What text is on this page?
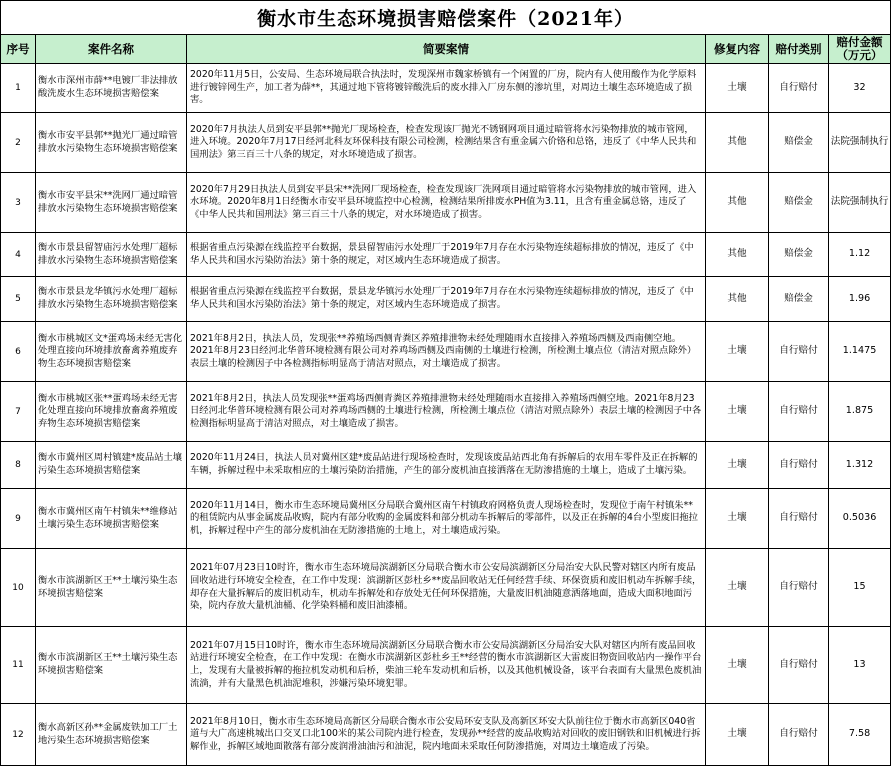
衡水市生态环境损害赔偿案件（2021年）					
序号	案件名称	简要案情	修复内容	赔付类别	赔付金额（万元）
1	衡水市深州市薛**电镀厂非法排放酸洗废水生态环境损害赔偿案	2020年11月5日，公安局、生态环境局联合执法时，发现深州市魏家桥镇有一个闲置的厂房，院内有人使用酸作为化学原料进行镀锌网生产，加工者为薛**，其通过地下管将镀锌酸洗后的废水排入厂房东侧的渗坑里，对周边土壤生态环境造成了损害。	土壤	自行赔付	32
2	衡水市安平县郭**抛光厂通过暗管排放水污染物生态环境损害赔偿案	2020年7月执法人员到安平县郭**抛光厂现场检查，检查发现该厂抛光不锈钢网项目通过暗管将水污染物排放的城市管网，进入环境。2020年7月17日经河北科友环保科技有限公司检测，检测结果含有重金属六价铬和总铬，违反了《中华人民共和国刑法》第三百三十八条的规定，对水环境造成了损害。	其他	赔偿金	法院强制执行
3	衡水市安平县宋**洗网厂通过暗管排放水污染物生态环境损害赔偿案	2020年7月29日执法人员到安平县宋**洗网厂现场检查，检查发现该厂洗网项目通过暗管将水污染物排放的城市管网，进入水环境。2020年8月1日经衡水市安平县环境监控中心检测，检测结果所排废水PH值为3.11，且含有重金属总铬，违反了《中华人民共和国刑法》第三百三十八条的规定，对水环境造成了损害。	其他	赔偿金	法院强制执行
4	衡水市景县留智庙污水处理厂超标排放水污染物生态环境损害赔偿案	根据省重点污染源在线监控平台数据，景县留智庙污水处理厂于2019年7月存在水污染物连续超标排放的情况，违反了《中华人民共和国水污染防治法》第十条的规定，对区域内生态环境造成了损害。	其他	赔偿金	1.12
5	衡水市景县龙华镇污水处理厂超标排放水污染物生态环境损害赔偿案	根据省重点污染源在线监控平台数据，景县龙华镇污水处理厂于2019年7月存在水污染物连续超标排放的情况，违反了《中华人民共和国水污染防治法》第十条的规定，对区域内生态环境造成了损害。	其他	赔偿金	1.96
6	衡水市桃城区文*蛋鸡场未经无害化处理直接向环境排放畜禽养殖废弃物生态环境损害赔偿案	2021年8月2日，执法人员，发现张**养殖场西侧青粪区养殖排泄物未经处理随雨水直接排入养殖场西侧及西南侧空地。2021年8月23日经河北华普环境检测有限公司对养鸡场西侧及西南侧的土壤进行检测，所检测土壤点位（清洁对照点除外）表层土壤的检测因子中各检测指标明显高于清洁对照点，对土壤造成了损害。	土壤	自行赔付	1.1475
7	衡水市桃城区张**蛋鸡场未经无害化处理直接向环境排放畜禽养殖废弃物生态环境损害赔偿案	2021年8月2日，执法人员发现张**蛋鸡场西侧青粪区养殖排泄物未经处理随雨水直接排入养殖场西侧空地。2021年8月23日经河北华普环境检测有限公司对养鸡场西侧的土壤进行检测，所检测土壤点位（清洁对照点除外）表层土壤的检测因子中各检测指标明显高于清洁对照点，对土壤造成了损害。	土壤	自行赔付	1.875
8	衡水市冀州区周村镇建*废品站土壤污染生态环境损害赔偿案	2020年11月24日，执法人员对冀州区建*废品站进行现场检查时，发现该废品站西北角有拆解后的农用车零件及正在拆解的车辆，拆解过程中未采取相应的土壤污染防治措施，产生的部分废机油直接洒落在无防渗措施的土壤上，造成了土壤污染。	土壤	自行赔付	1.312
9	衡水市冀州区南午村镇朱**维修站土壤污染生态环境损害赔偿案	2020年11月14日，衡水市生态环境局冀州区分局联合冀州区南午村镇政府网格负责人现场检查时，发现位于南午村镇朱**的租赁院内从事金属废品收购，院内有部分收购的金属废料和部分机动车拆解后的零部件，以及正在拆解的4台小型废旧拖拉机，拆解过程中产生的部分废机油在无防渗措施的土地上，对土壤造成污染。	土壤	自行赔付	0.5036
10	衡水市滨湖新区王**土壤污染生态环境损害赔偿案	2021年07月23日10时许，衡水市生态环境局滨湖新区分局联合衡水市公安局滨湖新区分局治安大队民警对辖区内所有废品回收站进行环境安全检查，在工作中发现：滨湖新区彭杜乡**废品回收站无任何经营手续、环保资质和废旧机动车拆解手续，却存在大量拆解后的废旧机动车，机动车拆解处和存放处无任何环保措施，大量废旧机油随意洒落地面，造成大面积地面污染，院内存放大量机油桶、化学染料桶和废旧油漆桶。	土壤	自行赔付	15
11	衡水市滨湖新区王**土壤污染生态环境损害赔偿案	2021年07月15日10时许，衡水市生态环境局滨湖新区分局联合衡水市公安局滨湖新区分局治安大队对辖区内所有废品回收站进行环境安全检查，在工作中发现：在衡水市滨湖新区彭杜乡王**经营的衡水市滨湖新区大雷废旧物资回收站内一操作平台上，发现有大量被拆解的拖拉机发动机和后桥，柴油三轮车发动机和后桥，以及其他机械设备，该平台表面有大量黑色废机油流淌，并有大量黑色机油泥堆积，涉嫌污染环境犯罪。	土壤	自行赔付	13
12	衡水高新区孙**金属废铁加工厂土地污染生态环境损害赔偿案	2021年8月10日，衡水市生态环境局高新区分局联合衡水市公安局环安支队及高新区环安大队前往位于衡水市高新区040省道与大广高速桃城出口交叉口北100米的某公司院内进行检查，发现孙**经营的废品收购站对回收的废旧钢铁和旧机械进行拆解作业，拆解区域地面散落有部分废润滑油油污和油泥，院内地面未采取任何防渗措施，对周边土壤造成了污染。	土壤	自行赔付	7.58
